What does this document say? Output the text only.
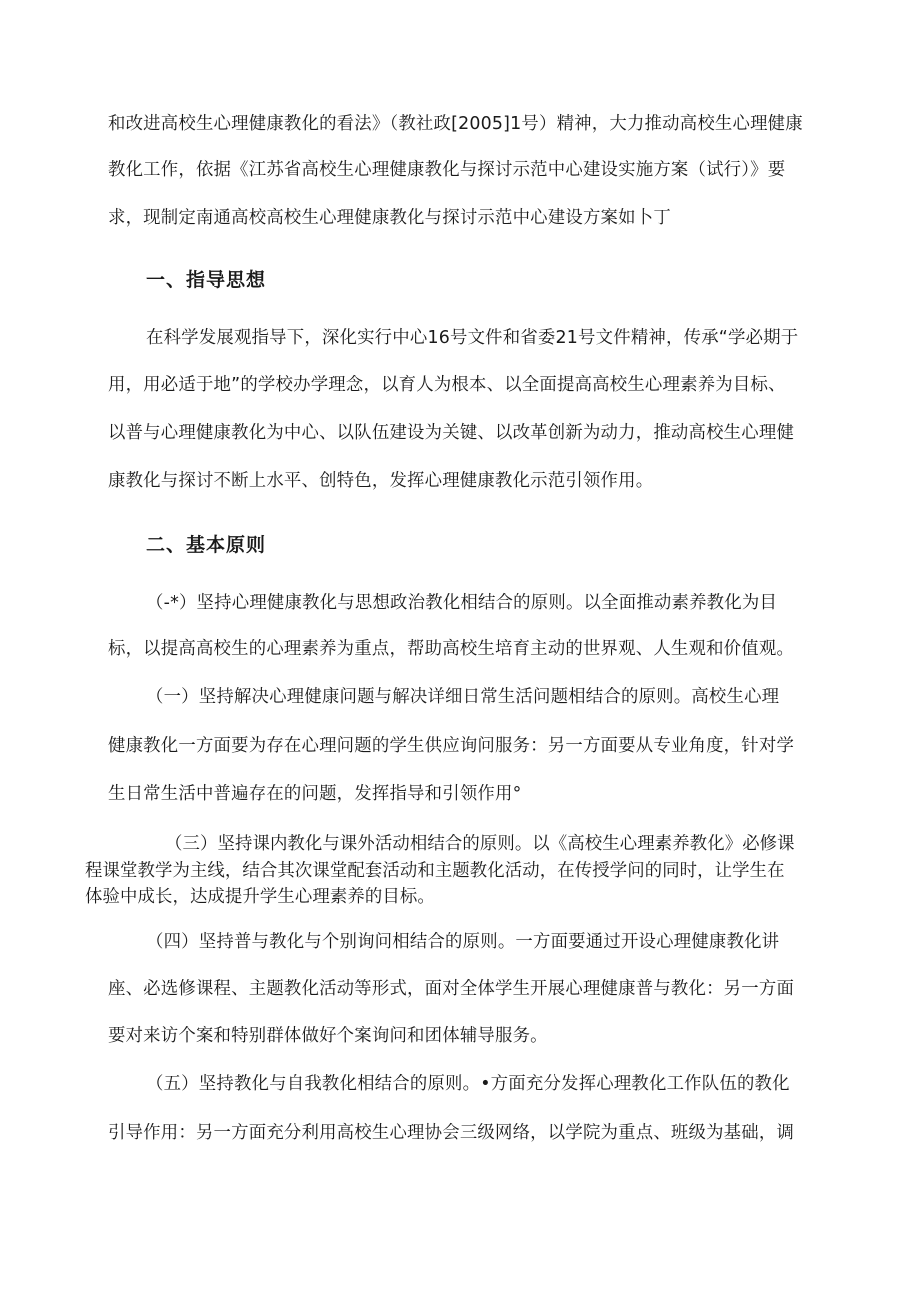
和改进高校生心理健康教化的看法》（教社政[2005]1号）精神，大力推动高校生心理健康
教化工作，依据《江苏省高校生心理健康教化与探讨示范中心建设实施方案（试行）》要
求，现制定南通高校高校生心理健康教化与探讨示范中心建设方案如卜丁
一、指导思想
在科学发展观指导下，深化实行中心16号文件和省委21号文件精神，传承“学必期于
用，用必适于地”的学校办学理念，以育人为根本、以全面提高高校生心理素养为目标、
以普与心理健康教化为中心、以队伍建设为关键、以改革创新为动力，推动高校生心理健
康教化与探讨不断上水平、创特色，发挥心理健康教化示范引领作用。
二、基本原则
（-*）坚持心理健康教化与思想政治教化相结合的原则。以全面推动素养教化为目
标，以提高高校生的心理素养为重点，帮助高校生培育主动的世界观、人生观和价值观。
（一）坚持解决心理健康问题与解决详细日常生活问题相结合的原则。高校生心理
健康教化一方面要为存在心理问题的学生供应询问服务：另一方面要从专业角度，针对学
生日常生活中普遍存在的问题，发挥指导和引领作用°
（三）坚持课内教化与课外活动相结合的原则。以《高校生心理素养教化》必修课
程课堂教学为主线，结合其次课堂配套活动和主题教化活动，在传授学问的同时，让学生在
体验中成长，达成提升学生心理素养的目标。
（四）坚持普与教化与个别询问相结合的原则。一方面要通过开设心理健康教化讲
座、必选修课程、主题教化活动等形式，面对全体学生开展心理健康普与教化：另一方面
要对来访个案和特别群体做好个案询问和团体辅导服务。
（五）坚持教化与自我教化相结合的原则。•方面充分发挥心理教化工作队伍的教化
引导作用：另一方面充分利用高校生心理协会三级网络，以学院为重点、班级为基础，调
